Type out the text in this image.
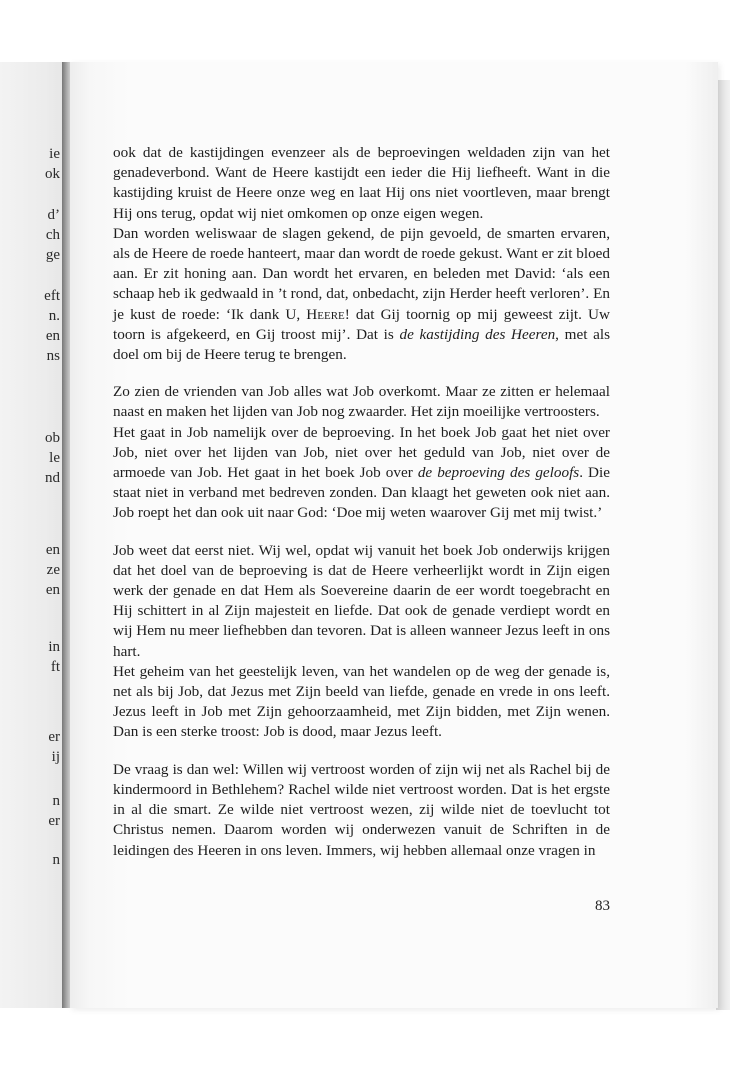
ie
ok
d’
ch
ge
eft
n.
en
ns
ob
le
nd
en
ze
en
in
ft
er
ij
n
er
n

ook dat de kastijdingen evenzeer als de beproevingen weldaden zijn van het genadeverbond. Want de Heere kastijdt een ieder die Hij liefheeft. Want in die kastijding kruist de Heere onze weg en laat Hij ons niet voortleven, maar brengt Hij ons terug, opdat wij niet omkomen op onze eigen wegen.

Dan worden weliswaar de slagen gekend, de pijn gevoeld, de smarten ervaren, als de Heere de roede hanteert, maar dan wordt de roede gekust. Want er zit bloed aan. Er zit honing aan. Dan wordt het ervaren, en beleden met David: ‘als een schaap heb ik gedwaald in ’t rond, dat, onbedacht, zijn Herder heeft verloren’. En je kust de roede: ‘Ik dank U, Heere! dat Gij toornig op mij geweest zijt. Uw toorn is afgekeerd, en Gij troost mij’. Dat is de kastijding des Heeren, met als doel om bij de Heere terug te brengen.

Zo zien de vrienden van Job alles wat Job overkomt. Maar ze zitten er helemaal naast en maken het lijden van Job nog zwaarder. Het zijn moeilijke vertroosters.

Het gaat in Job namelijk over de beproeving. In het boek Job gaat het niet over Job, niet over het lijden van Job, niet over het geduld van Job, niet over de armoede van Job. Het gaat in het boek Job over de beproeving des geloofs. Die staat niet in verband met bedreven zonden. Dan klaagt het geweten ook niet aan. Job roept het dan ook uit naar God: ‘Doe mij weten waarover Gij met mij twist.’

Job weet dat eerst niet. Wij wel, opdat wij vanuit het boek Job onderwijs krijgen dat het doel van de beproeving is dat de Heere verheerlijkt wordt in Zijn eigen werk der genade en dat Hem als Soevereine daarin de eer wordt toegebracht en Hij schittert in al Zijn majesteit en liefde. Dat ook de genade verdiept wordt en wij Hem nu meer liefhebben dan tevoren. Dat is alleen wanneer Jezus leeft in ons hart.

Het geheim van het geestelijk leven, van het wandelen op de weg der genade is, net als bij Job, dat Jezus met Zijn beeld van liefde, genade en vrede in ons leeft. Jezus leeft in Job met Zijn gehoorzaamheid, met Zijn bidden, met Zijn wenen. Dan is een sterke troost: Job is dood, maar Jezus leeft.

De vraag is dan wel: Willen wij vertroost worden of zijn wij net als Rachel bij de kindermoord in Bethlehem? Rachel wilde niet vertroost worden. Dat is het ergste in al die smart. Ze wilde niet vertroost wezen, zij wilde niet de toevlucht tot Christus nemen. Daarom worden wij onderwezen vanuit de Schriften in de leidingen des Heeren in ons leven. Immers, wij hebben allemaal onze vragen in

83
